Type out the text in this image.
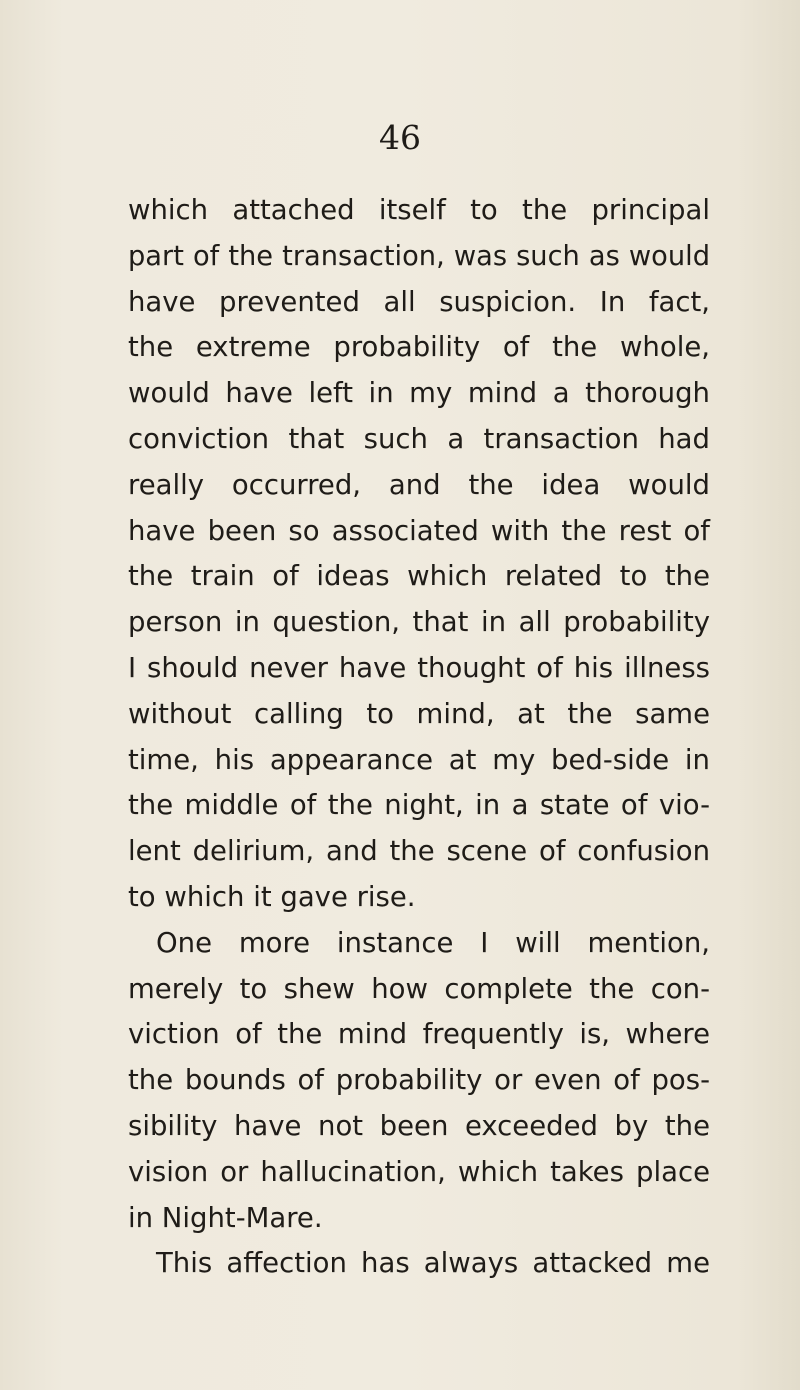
46
which attached itself to the principal
part of the transaction, was such as would
have prevented all suspicion. In fact,
the extreme probability of the whole,
would have left in my mind a thorough
conviction that such a transaction had
really occurred, and the idea would
have been so associated with the rest of
the train of ideas which related to the
person in question, that in all probability
I should never have thought of his illness
without calling to mind, at the same
time, his appearance at my bed-side in
the middle of the night, in a state of vio-
lent delirium, and the scene of confusion
to which it gave rise.
One more instance I will mention,
merely to shew how complete the con-
viction of the mind frequently is, where
the bounds of probability or even of pos-
sibility have not been exceeded by the
vision or hallucination, which takes place
in Night-Mare.
This affection has always attacked me
